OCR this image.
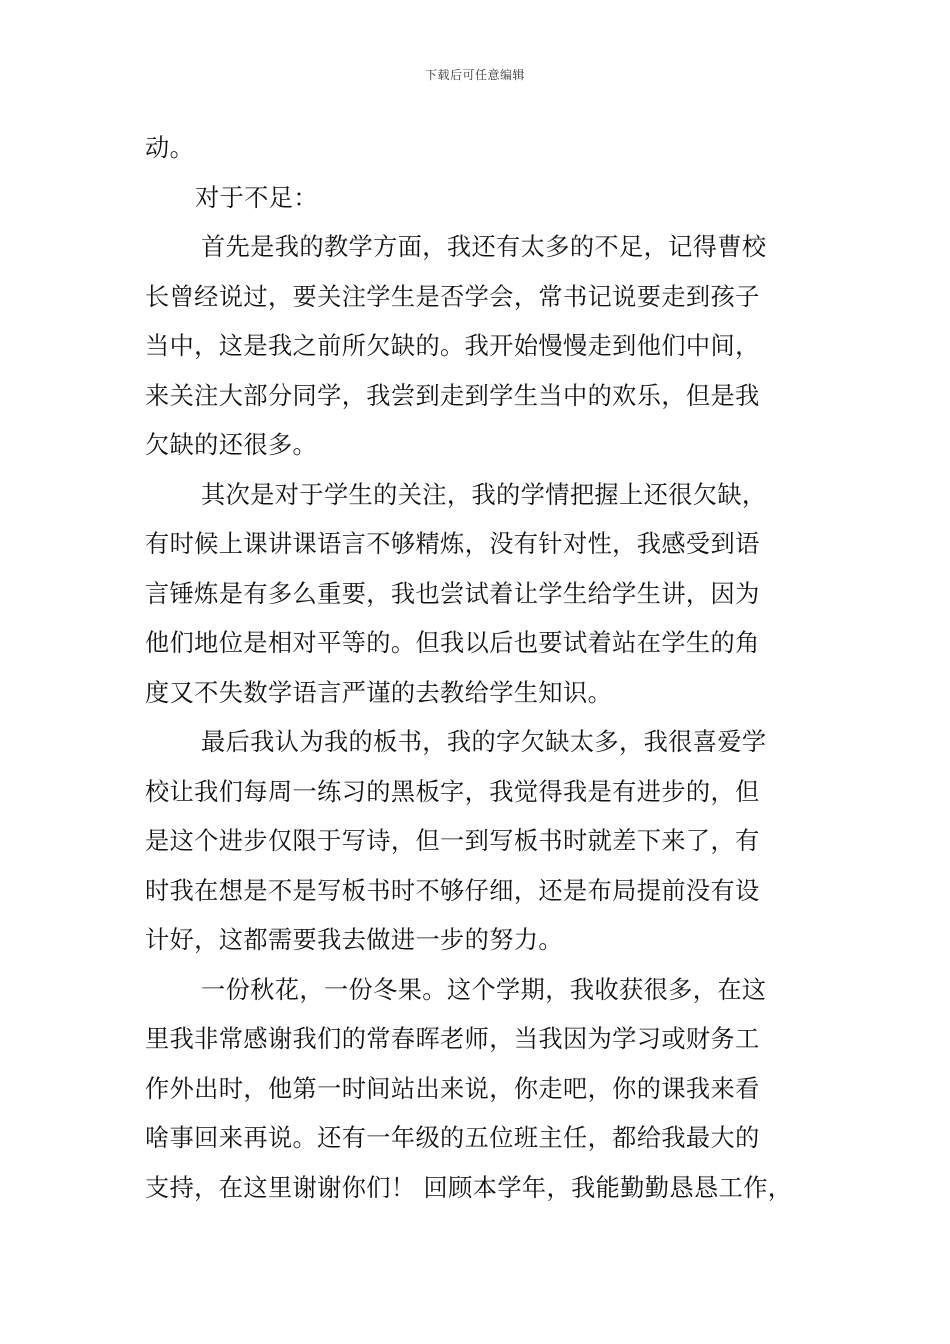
下载后可任意编辑
动。
对于不足：
首先是我的教学方面，我还有太多的不足，记得曹校
长曾经说过，要关注学生是否学会，常书记说要走到孩子
当中，这是我之前所欠缺的。我开始慢慢走到他们中间，
来关注大部分同学，我尝到走到学生当中的欢乐，但是我
欠缺的还很多。
其次是对于学生的关注，我的学情把握上还很欠缺，
有时候上课讲课语言不够精炼，没有针对性，我感受到语
言锤炼是有多么重要，我也尝试着让学生给学生讲，因为
他们地位是相对平等的。但我以后也要试着站在学生的角
度又不失数学语言严谨的去教给学生知识。
最后我认为我的板书，我的字欠缺太多，我很喜爱学
校让我们每周一练习的黑板字，我觉得我是有进步的，但
是这个进步仅限于写诗，但一到写板书时就差下来了，有
时我在想是不是写板书时不够仔细，还是布局提前没有设
计好，这都需要我去做进一步的努力。
一份秋花，一份冬果。这个学期，我收获很多，在这
里我非常感谢我们的常春晖老师，当我因为学习或财务工
作外出时，他第一时间站出来说，你走吧，你的课我来看
啥事回来再说。还有一年级的五位班主任，都给我最大的
支持，在这里谢谢你们！ 回顾本学年，我能勤勤恳恳工作，
